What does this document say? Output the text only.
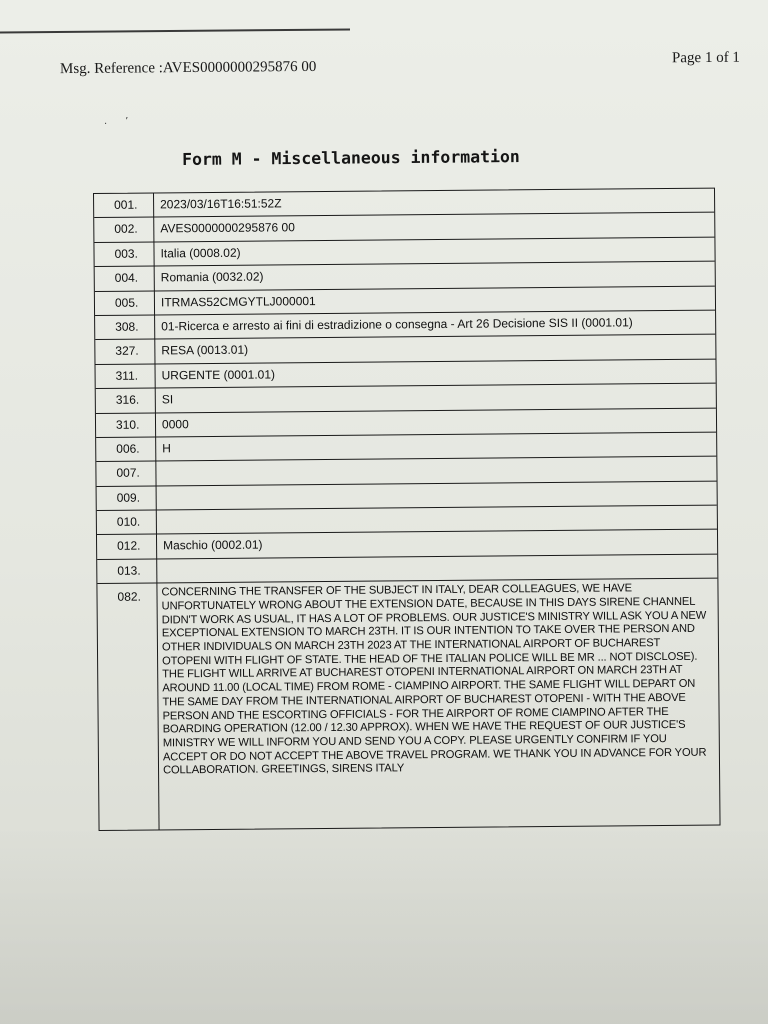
Msg. Reference :AVES0000000295876 00
Page 1 of 1
.’
Form M - Miscellaneous information
001.	2023/03/16T16:51:52Z
002.	AVES0000000295876 00
003.	Italia (0008.02)
004.	Romania (0032.02)
005.	ITRMAS52CMGYTLJ000001
308.	01-Ricerca e arresto ai fini di estradizione o consegna - Art 26 Decisione SIS II (0001.01)
327.	RESA (0013.01)
311.	URGENTE (0001.01)
316.	SI
310.	0000
006.	H
007.
009.
010.
012.	Maschio (0002.01)
013.
082.	CONCERNING THE TRANSFER OF THE SUBJECT IN ITALY, DEAR COLLEAGUES, WE HAVE UNFORTUNATELY WRONG ABOUT THE EXTENSION DATE, BECAUSE IN THIS DAYS SIRENE CHANNEL DIDN'T WORK AS USUAL, IT HAS A LOT OF PROBLEMS. OUR JUSTICE'S MINISTRY WILL ASK YOU A NEW EXCEPTIONAL EXTENSION TO MARCH 23TH. IT IS OUR INTENTION TO TAKE OVER THE PERSON AND OTHER INDIVIDUALS ON MARCH 23TH 2023 AT THE INTERNATIONAL AIRPORT OF BUCHAREST OTOPENI WITH FLIGHT OF STATE. THE HEAD OF THE ITALIAN POLICE WILL BE MR ... NOT DISCLOSE). THE FLIGHT WILL ARRIVE AT BUCHAREST OTOPENI INTERNATIONAL AIRPORT ON MARCH 23TH AT AROUND 11.00 (LOCAL TIME) FROM ROME - CIAMPINO AIRPORT. THE SAME FLIGHT WILL DEPART ON THE SAME DAY FROM THE INTERNATIONAL AIRPORT OF BUCHAREST OTOPENI - WITH THE ABOVE PERSON AND THE ESCORTING OFFICIALS - FOR THE AIRPORT OF ROME CIAMPINO AFTER THE BOARDING OPERATION (12.00 / 12.30 APPROX). WHEN WE HAVE THE REQUEST OF OUR JUSTICE'S MINISTRY WE WILL INFORM YOU AND SEND YOU A COPY. PLEASE URGENTLY CONFIRM IF YOU ACCEPT OR DO NOT ACCEPT THE ABOVE TRAVEL PROGRAM. WE THANK YOU IN ADVANCE FOR YOUR COLLABORATION. GREETINGS, SIRENS ITALY
